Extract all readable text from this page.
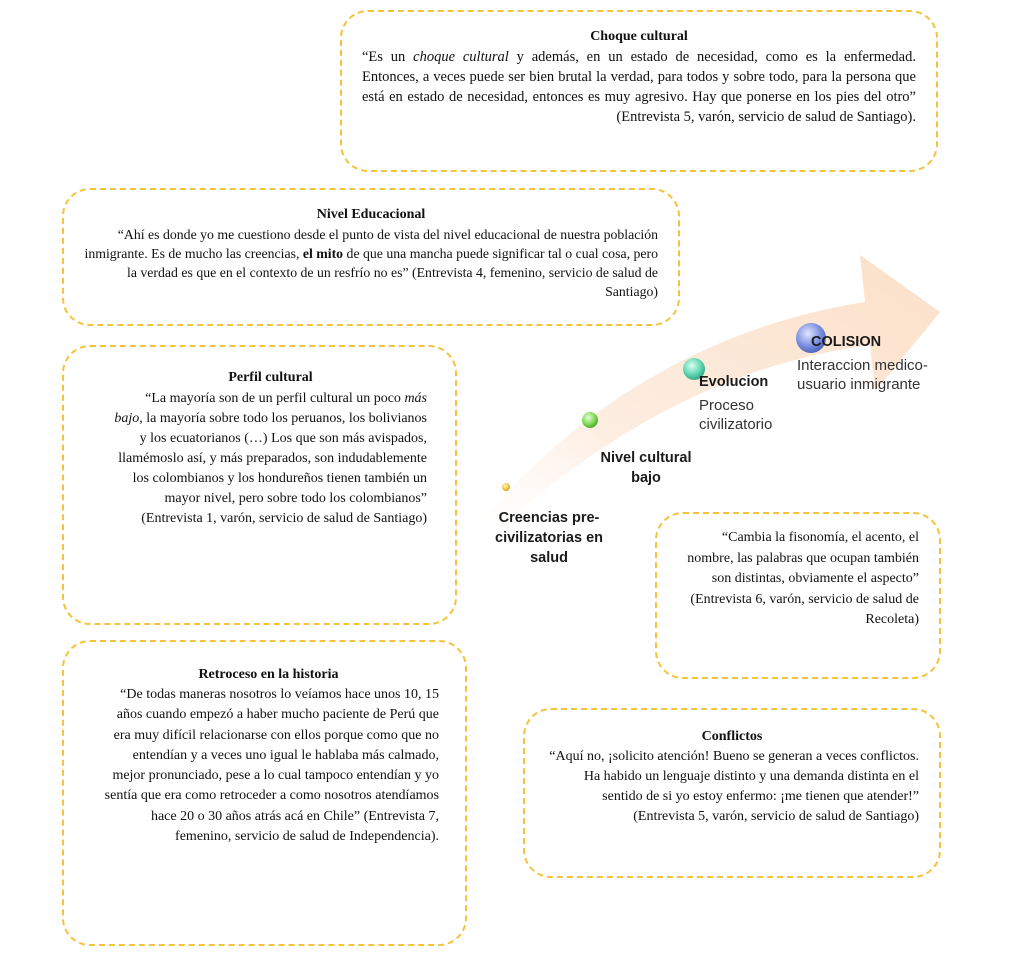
Choque cultural
“Es un choque cultural y además, en un estado de necesidad, como es la enfermedad. Entonces, a veces puede ser bien brutal la verdad, para todos y sobre todo, para la persona que está en estado de necesidad, entonces es muy agresivo. Hay que ponerse en los pies del otro” (Entrevista 5, varón, servicio de salud de Santiago).
Nivel Educacional
“Ahí es donde yo me cuestiono desde el punto de vista del nivel educacional de nuestra población inmigrante. Es de mucho las creencias, el mito de que una mancha puede significar tal o cual cosa, pero la verdad es que en el contexto de un resfrío no es” (Entrevista 4, femenino, servicio de salud de Santiago)
Perfil cultural
“La mayoría son de un perfil cultural un poco más bajo, la mayoría sobre todo los peruanos, los bolivianos y los ecuatorianos (…) Los que son más avispados, llamémoslo así, y más preparados, son indudablemente los colombianos y los hondureños tienen también un mayor nivel, pero sobre todo los colombianos” (Entrevista 1, varón, servicio de salud de Santiago)
Retroceso en la historia
“De todas maneras nosotros lo veíamos hace unos 10, 15 años cuando empezó a haber mucho paciente de Perú que era muy difícil relacionarse con ellos porque como que no entendían y a veces uno igual le hablaba más calmado, mejor pronunciado, pese a lo cual tampoco entendían y yo sentía que era como retroceder a como nosotros atendíamos hace 20 o 30 años atrás acá en Chile” (Entrevista 7, femenino, servicio de salud de Independencia).
Creencias pre-civilizatorias en salud
Nivel cultural bajo
Evolucion
Proceso civilizatorio
COLISION
Interaccion medico-usuario inmigrante
“Cambia la fisonomía, el acento, el nombre, las palabras que ocupan también son distintas, obviamente el aspecto” (Entrevista 6, varón, servicio de salud de Recoleta)
Conflictos
“Aquí no, ¡solicito atención! Bueno se generan a veces conflictos. Ha habido un lenguaje distinto y una demanda distinta en el sentido de si yo estoy enfermo: ¡me tienen que atender!” (Entrevista 5, varón, servicio de salud de Santiago)
